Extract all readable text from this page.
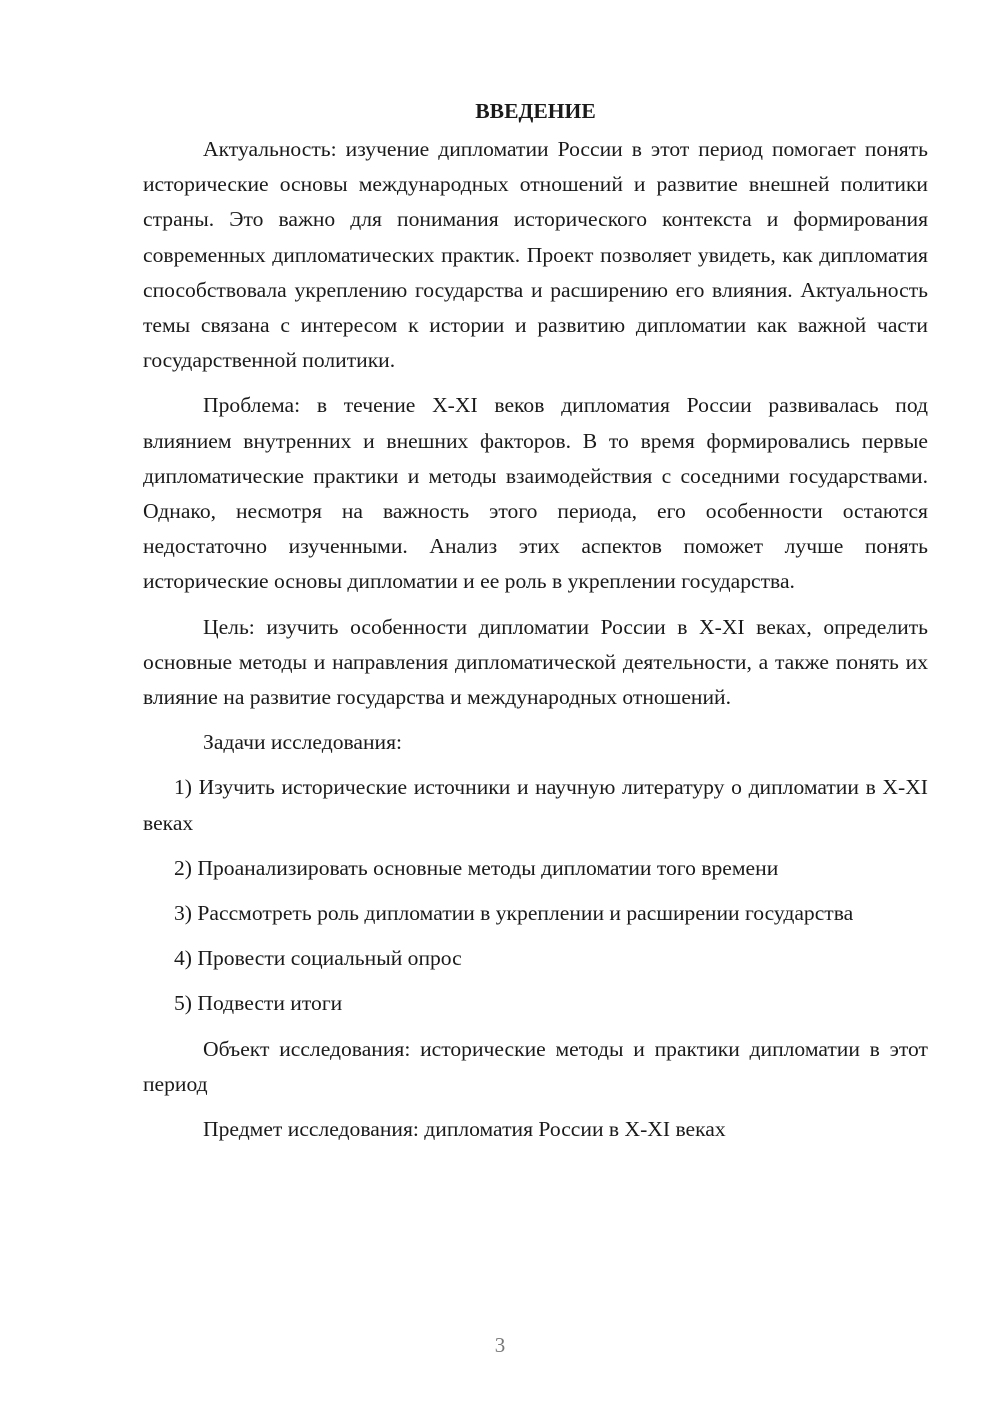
ВВЕДЕНИЕ

Актуальность: изучение дипломатии России в этот период помогает понять исторические основы международных отношений и развитие внешней политики страны. Это важно для понимания исторического контекста и формирования современных дипломатических практик. Проект позволяет увидеть, как дипломатия способствовала укреплению государства и расширению его влияния. Актуальность темы связана с интересом к истории и развитию дипломатии как важной части государственной политики.

Проблема: в течение X-XI веков дипломатия России развивалась под влиянием внутренних и внешних факторов. В то время формировались первые дипломатические практики и методы взаимодействия с соседними государствами. Однако, несмотря на важность этого периода, его особенности остаются недостаточно изученными. Анализ этих аспектов поможет лучше понять исторические основы дипломатии и ее роль в укреплении государства.

Цель: изучить особенности дипломатии России в X-XI веках, определить основные методы и направления дипломатической деятельности, а также понять их влияние на развитие государства и международных отношений.

Задачи исследования:

1) Изучить исторические источники и научную литературу о дипломатии в X-XI веках

2) Проанализировать основные методы дипломатии того времени

3) Рассмотреть роль дипломатии в укреплении и расширении государства

4) Провести социальный опрос

5) Подвести итоги

Объект исследования: исторические методы и практики дипломатии в этот период

Предмет исследования: дипломатия России в X-XI веках

3
